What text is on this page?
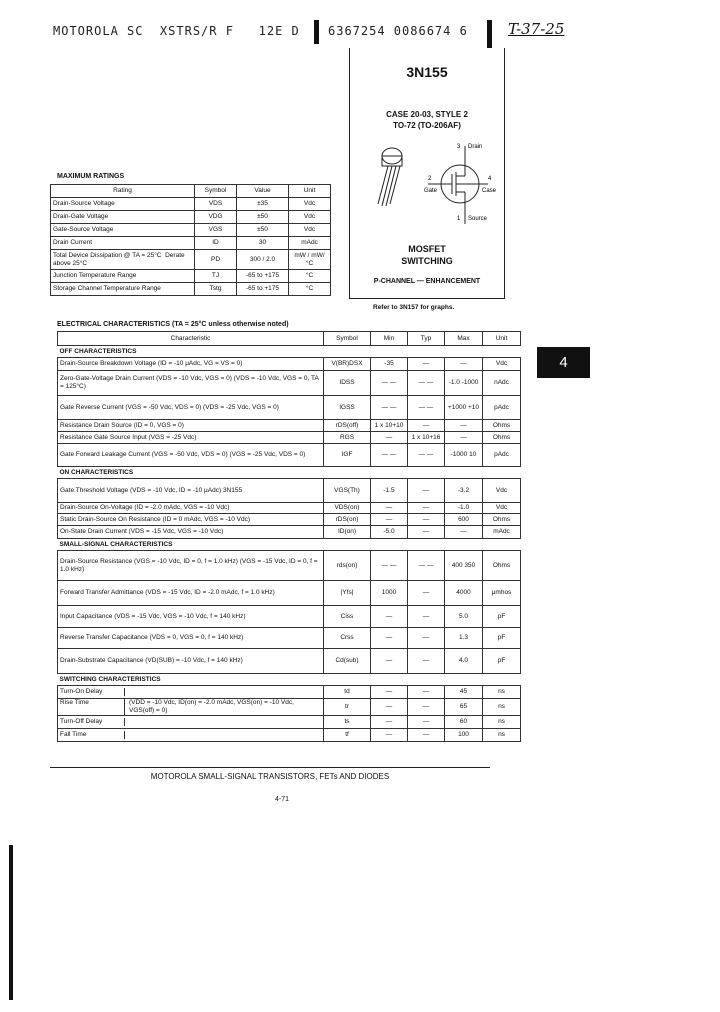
MOTOROLA SC  XSTRS/R F   12E D 6367254 0086674 6	T-37-25
3N155
CASE 20-03, STYLE 2
TO-72 (TO-206AF)
3 Drain
2
Gate
4
Case
1 Source
MOSFET
SWITCHING
P-CHANNEL — ENHANCEMENT
Refer to 3N157 for graphs.
MAXIMUM RATINGS
Rating	Symbol	Value	Unit
Drain-Source Voltage	VDS	±35	Vdc
Drain-Gate Voltage	VDG	±50	Vdc
Gate-Source Voltage	VGS	±50	Vdc
Drain Current	ID	30	mAdc
Total Device Dissipation @ TA = 25°C  Derate above 25°C	PD	300 / 2.0	mW / mW/°C
Junction Temperature Range	TJ	-65 to +175	°C
Storage Channel Temperature Range	Tstg	-65 to +175	°C
ELECTRICAL CHARACTERISTICS (TA = 25°C unless otherwise noted)
Characteristic	Symbol	Min	Typ	Max	Unit
OFF CHARACTERISTICS					
Drain-Source Breakdown Voltage (ID = -10 μAdc, VG = VS = 0)	V(BR)DSX	-35	—	—	Vdc
Zero-Gate-Voltage Drain Current (VDS = -10 Vdc, VGS = 0) (VDS = -10 Vdc, VGS = 0, TA = 125°C)	IDSS	— —	— —	-1.0 -1000	nAdc
Gate Reverse Current (VGS = -50 Vdc, VDS = 0) (VDS = -25 Vdc, VGS = 0)	IGSS	— —	— —	+1000 +10	pAdc
Resistance Drain Source (ID = 0, VGS = 0)	rDS(off)	1 x 10+10	—	—	Ohms
Resistance Gate Source Input (VGS = -25 Vdc)	RGS	—	1 x 10+16	—	Ohms
Gate Forward Leakage Current (VGS = -50 Vdc, VDS = 0) (VGS = -25 Vdc, VDS = 0)	IGF	— —	— —	-1000 10	pAdc
ON CHARACTERISTICS					
Gate Threshold Voltage (VDS = -10 Vdc, ID = -10 μAdc) 3N155	VGS(Th)	-1.5	—	-3.2	Vdc
Drain-Source On-Voltage (ID = -2.0 mAdc, VGS = -10 Vdc)	VDS(on)	—	—	-1.0	Vdc
Static Drain-Source On Resistance (ID = 0 mAdc, VGS = -10 Vdc)	rDS(on)	—	—	600	Ohms
On-State Drain Current (VDS = -15 Vdc, VGS = -10 Vdc)	ID(on)	-5.0	—	—	mAdc
SMALL-SIGNAL CHARACTERISTICS					
Drain-Source Resistance (VGS = -10 Vdc, ID = 0, f = 1.0 kHz) (VGS = -15 Vdc, ID = 0, f = 1.0 kHz)	rds(on)	— —	— —	400 350	Ohms
Forward Transfer Admittance (VDS = -15 Vdc, ID = -2.0 mAdc, f = 1.0 kHz)	|Yfs|	1000	—	4000	μmhos
Input Capacitance (VDS = -15 Vdc, VGS = -10 Vdc, f = 140 kHz)	Ciss	—	—	5.0	pF
Reverse Transfer Capacitance (VDS = 0, VGS = 0, f = 140 kHz)	Crss	—	—	1.3	pF
Drain-Substrate Capacitance (VD(SUB) = -10 Vdc, f = 140 kHz)	Cd(sub)	—	—	4.0	pF
SWITCHING CHARACTERISTICS					

Turn-On Delay	td	—	—	45	ns

Rise Time (VDD = -10 Vdc, ID(on) = -2.0 mAdc, VGS(on) = -10 Vdc, VGS(off) = 0)	tr	—	—	65	ns

Turn-Off Delay	ts	—	—	60	ns

Fall Time	tf	—	—	100	ns
4
MOTOROLA SMALL-SIGNAL TRANSISTORS, FETs AND DIODES
4-71
